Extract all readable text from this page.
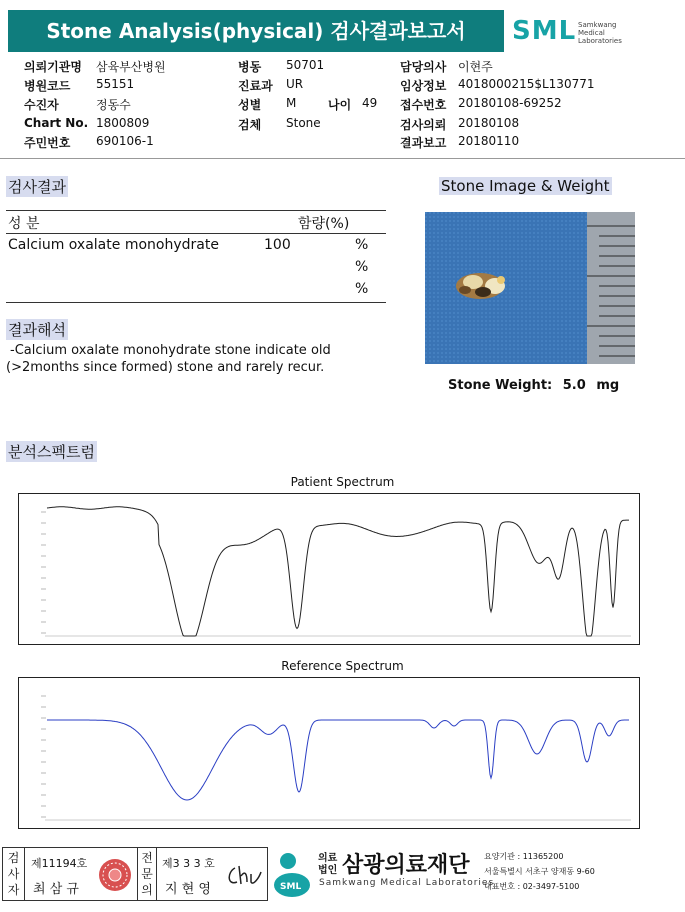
Stone Analysis(physical) 검사결과보고서	SML Samkwang
Medical
Laboratories
의뢰기관명 삼육부산병원
병원코드 55151
수진자	정동수
Chart No. 1800809
주민번호 690106-1
병동 50701
진료과 UR
성별 M	나이 49
검체 Stone
담당의사 이현주
임상정보 4018000215$L130771
접수번호 20180108-69252
검사의뢰 20180108
결과보고 20180110
검사결과
성 분	함량(%)
Calcium oxalate monohydrate	100	%
%
%
결과해석
-Calcium oxalate monohydrate stone indicate old
(>2months since formed) stone and rarely recur.
Stone Image & Weight
Stone Weight: 5.0 mg
분석스펙트럼
Patient Spectrum
Reference Spectrum
검사자
제11194호
최 삼 규
전문의
제3 3 3 호
지 현 영	SML
의료
법인 삼광의료재단
Samkwang Medical Laboratories
요양기관 : 11365200
서울특별시 서초구 양재동 9-60
대표번호 : 02-3497-5100
